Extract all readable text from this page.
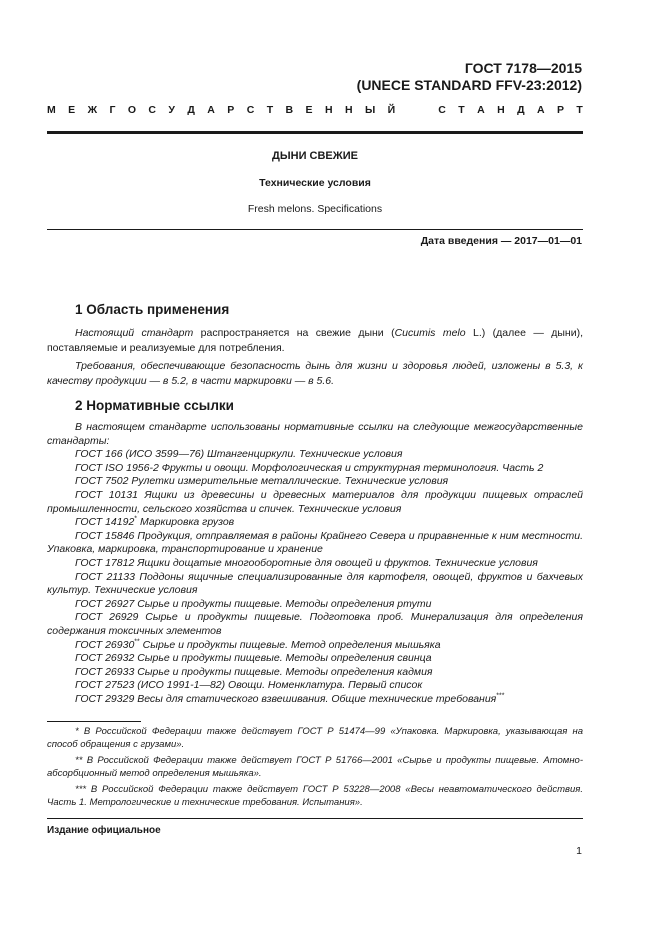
ГОСТ 7178—2015
(UNECE STANDARD FFV-23:2012)
М Е Ж Г О С У Д А Р С Т В Е Н Н Ы Й

	С Т А Н Д А Р Т
ДЫНИ СВЕЖИЕ
Технические условия
Fresh melons. Specifications
Дата введения — 2017—01—01
1 Область применения

Настоящий стандарт распространяется на свежие дыни (Cucumis melo L.) (далее — дыни), поставляемые и реализуемые для потребления.

Требования, обеспечивающие безопасность дынь для жизни и здоровья людей, изложены в 5.3, к качеству продукции — в 5.2, в части маркировки — в 5.6.

2 Нормативные ссылки

В настоящем стандарте использованы нормативные ссылки на следующие межгосударственные стандарты:

ГОСТ 166 (ИСО 3599—76) Штангенциркули. Технические условия

ГОСТ ISO 1956-2 Фрукты и овощи. Морфологическая и структурная терминология. Часть 2

ГОСТ 7502 Рулетки измерительные металлические. Технические условия

ГОСТ 10131 Ящики из древесины и древесных материалов для продукции пищевых отраслей промышленности, сельского хозяйства и спичек. Технические условия

ГОСТ 14192* Маркировка грузов

ГОСТ 15846 Продукция, отправляемая в районы Крайнего Севера и приравненные к ним местности. Упаковка, маркировка, транспортирование и хранение

ГОСТ 17812 Ящики дощатые многооборотные для овощей и фруктов. Технические условия

ГОСТ 21133 Поддоны ящичные специализированные для картофеля, овощей, фруктов и бахчевых культур. Технические условия

ГОСТ 26927 Сырье и продукты пищевые. Методы определения ртути

ГОСТ 26929 Сырье и продукты пищевые. Подготовка проб. Минерализация для определения содержания токсичных элементов

ГОСТ 26930** Сырье и продукты пищевые. Метод определения мышьяка

ГОСТ 26932 Сырье и продукты пищевые. Методы определения свинца

ГОСТ 26933 Сырье и продукты пищевые. Методы определения кадмия

ГОСТ 27523 (ИСО 1991-1—82) Овощи. Номенклатура. Первый список

ГОСТ 29329 Весы для статического взвешивания. Общие технические требования***

* В Российской Федерации также действует ГОСТ Р 51474—99 «Упаковка. Маркировка, указывающая на способ обращения с грузами».

** В Российской Федерации также действует ГОСТ Р 51766—2001 «Сырье и продукты пищевые. Атомно-абсорбционный метод определения мышьяка».

*** В Российской Федерации также действует ГОСТ Р 53228—2008 «Весы неавтоматического действия. Часть 1. Метрологические и технические требования. Испытания».

Издание официальное
1
